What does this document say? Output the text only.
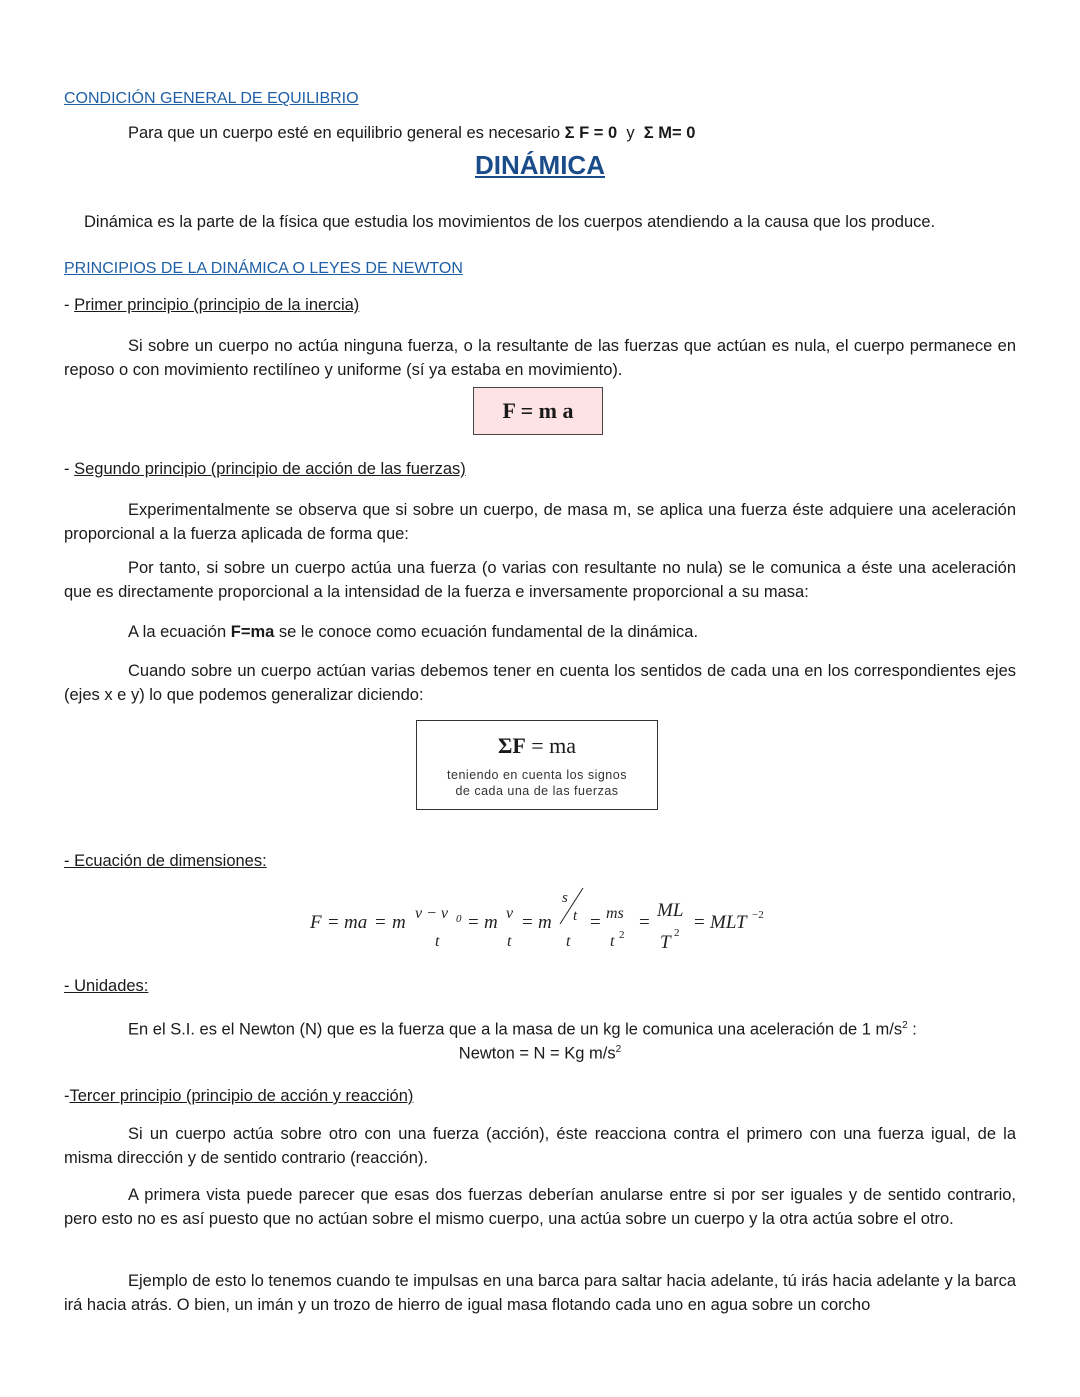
CONDICIÓN GENERAL DE EQUILIBRIO
Para que un cuerpo esté en equilibrio general es necesario Σ F = 0 y Σ M= 0
DINÁMICA
Dinámica es la parte de la física que estudia los movimientos de los cuerpos atendiendo a la causa que los produce.
PRINCIPIOS DE LA DINÁMICA O LEYES DE NEWTON
- Primer principio (principio de la inercia)
Si sobre un cuerpo no actúa ninguna fuerza, o la resultante de las fuerzas que actúan es nula, el cuerpo permanece en reposo o con movimiento rectilíneo y uniforme (sí ya estaba en movimiento).
F = m a
- Segundo principio (principio de acción de las fuerzas)
Experimentalmente se observa que si sobre un cuerpo, de masa m, se aplica una fuerza éste adquiere una aceleración proporcional a la fuerza aplicada de forma que:
Por tanto, si sobre un cuerpo actúa una fuerza (o varias con resultante no nula) se le comunica a éste una aceleración que es directamente proporcional a la intensidad de la fuerza e inversamente proporcional a su masa:
A la ecuación F=ma se le conoce como ecuación fundamental de la dinámica.
Cuando sobre un cuerpo actúan varias debemos tener en cuenta los sentidos de cada una en los correspondientes ejes (ejes x e y) lo que podemos generalizar diciendo:
ΣF = ma
teniendo en cuenta los signos
de cada una de las fuerzas
- Ecuación de dimensiones:
F = ma = m v − v 0
t
= m v
t
= m
s
t
t
= ms
t 2
=
ML
T 2 = MLT −2
- Unidades:
En el S.I. es el Newton (N) que es la fuerza que a la masa de un kg le comunica una aceleración de 1 $m/s^2$ :
Newton = N = Kg $m/s^2$
-Tercer principio (principio de acción y reacción)
Si un cuerpo actúa sobre otro con una fuerza (acción), éste reacciona contra el primero con una fuerza igual, de la misma dirección y de sentido contrario (reacción).
A primera vista puede parecer que esas dos fuerzas deberían anularse entre si por ser iguales y de sentido contrario, pero esto no es así puesto que no actúan sobre el mismo cuerpo, una actúa sobre un cuerpo y la otra actúa sobre el otro.
Ejemplo de esto lo tenemos cuando te impulsas en una barca para saltar hacia adelante, tú irás hacia adelante y la barca irá hacia atrás. O bien, un imán y un trozo de hierro de igual masa flotando cada uno en agua sobre un corcho
